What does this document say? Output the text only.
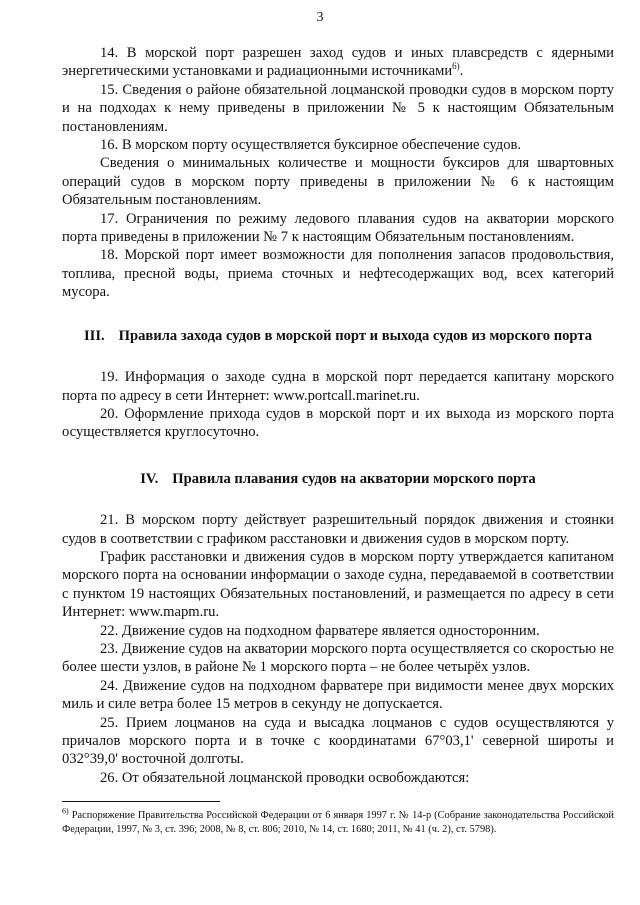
3

14. В морской порт разрешен заход судов и иных плавсредств с ядерными энергетическими установками и радиационными источниками$^{6)}$.

15. Сведения о районе обязательной лоцманской проводки судов в морском порту и на подходах к нему приведены в приложении № 5 к настоящим Обязательным постановлениям.

16. В морском порту осуществляется буксирное обеспечение судов.

Сведения о минимальных количестве и мощности буксиров для швартовных операций судов в морском порту приведены в приложении № 6 к настоящим Обязательным постановлениям.

17. Ограничения по режиму ледового плавания судов на акватории морского порта приведены в приложении № 7 к настоящим Обязательным постановлениям.

18. Морской порт имеет возможности для пополнения запасов продовольствия, топлива, пресной воды, приема сточных и нефтесодержащих вод, всех категорий мусора.

III. Правила захода судов в морской порт и выхода судов из морского порта

19. Информация о заходе судна в морской порт передается капитану морского порта по адресу в сети Интернет: www.portcall.marinet.ru.

20. Оформление прихода судов в морской порт и их выхода из морского порта осуществляется круглосуточно.

IV. Правила плавания судов на акватории морского порта

21. В морском порту действует разрешительный порядок движения и стоянки судов в соответствии с графиком расстановки и движения судов в морском порту.

График расстановки и движения судов в морском порту утверждается капитаном морского порта на основании информации о заходе судна, передаваемой в соответствии с пунктом 19 настоящих Обязательных постановлений, и размещается по адресу в сети Интернет: www.mapm.ru.

22. Движение судов на подходном фарватере является односторонним.

23. Движение судов на акватории морского порта осуществляется со скоростью не более шести узлов, в районе № 1 морского порта – не более четырёх узлов.

24. Движение судов на подходном фарватере при видимости менее двух морских миль и силе ветра более 15 метров в секунду не допускается.

25. Прием лоцманов на суда и высадка лоцманов с судов осуществляются у причалов морского порта и в точке с координатами 67°03,1' северной широты и 032°39,0' восточной долготы.

26. От обязательной лоцманской проводки освобождаются:

$^{6)}$ Распоряжение Правительства Российской Федерации от 6 января 1997 г. № 14-р (Собрание законодательства Российской Федерации, 1997, № 3, ст. 396; 2008, № 8, ст. 806; 2010, № 14, ст. 1680; 2011, № 41 (ч. 2), ст. 5798).
